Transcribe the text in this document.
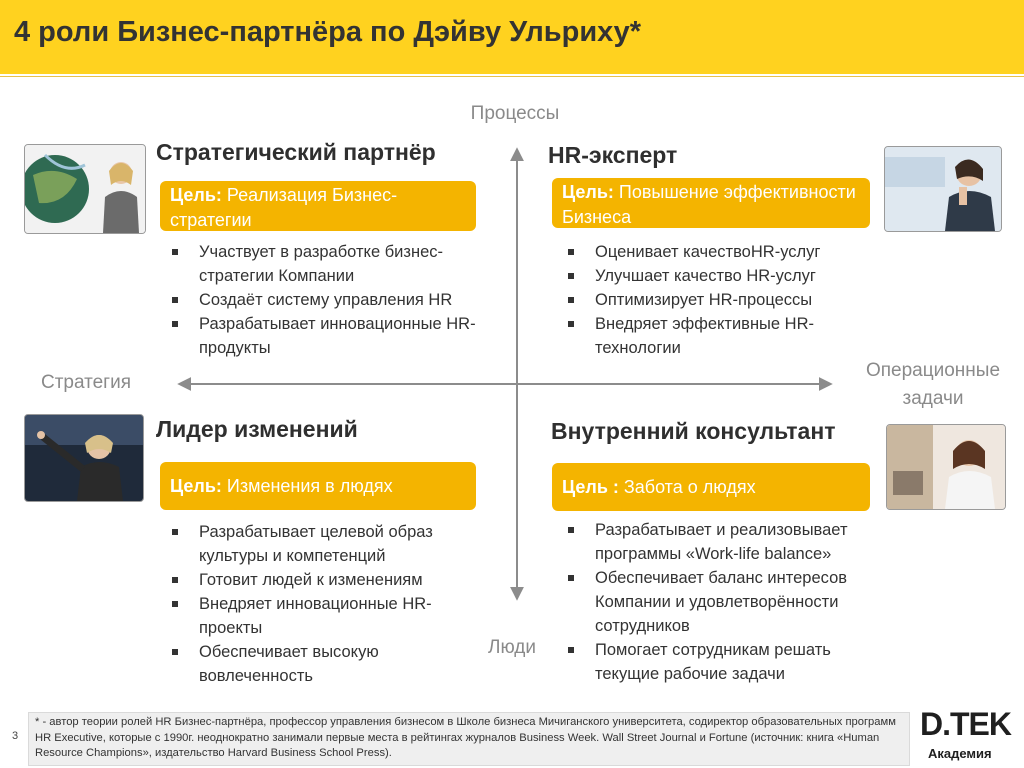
4 роли Бизнес-партнёра по Дэйву Ульриху*
Процессы
Стратегия
Операционные задачи
Люди
Стратегический партнёр
Цель: Реализация Бизнес-стратегии
Участвует в разработке бизнес-стратегии Компании
Создаёт систему управления HR
Разрабатывает инновационные HR-продукты
HR-эксперт
Цель: Повышение эффективности Бизнеса
Оценивает качествоHR-услуг
Улучшает качество HR-услуг
Оптимизирует HR-процессы
Внедряет эффективные HR-технологии
Лидер изменений
Цель: Изменения в людях
Разрабатывает целевой образ культуры и компетенций
Готовит людей к изменениям
Внедряет инновационные HR-проекты
Обеспечивает высокую вовлеченность
Внутренний консультант
Цель : Забота о людях
Разрабатывает и реализовывает программы «Work-life balance»
Обеспечивает баланс интересов Компании и удовлетворённости сотрудников
Помогает сотрудникам решать текущие рабочие задачи
3
* - автор теории ролей HR Бизнес-партнёра, профессор управления бизнесом в Школе бизнеса Мичиганского университета, содиректор образовательных программ HR Executive, которые с 1990г. неоднократно занимали первые места в рейтингах журналов Business Week. Wall Street Journal и Fortune (источник: книга «Human Resource Champions», издательство Harvard Business School Press).
D.TEK
Академия
